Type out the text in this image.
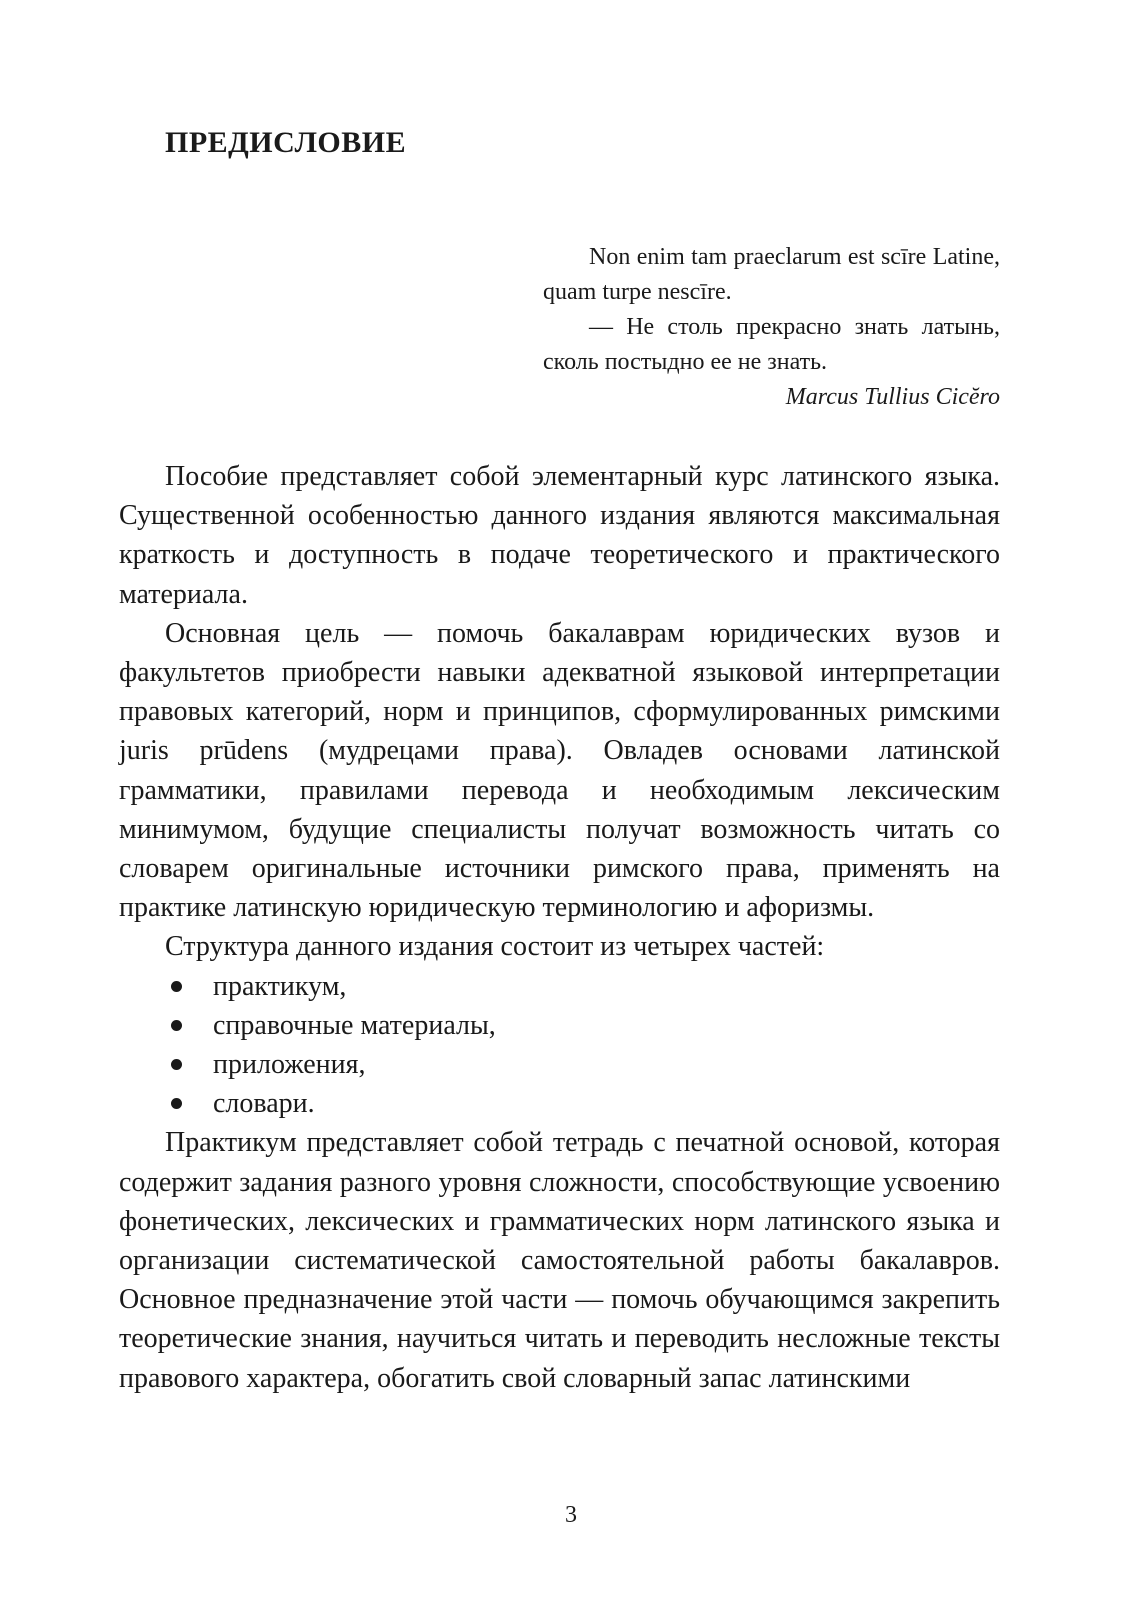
ПРЕДИСЛОВИЕ

Non enim tam praeclarum est scīre Latine, quam turpe nescīre.

— Не столь прекрасно знать латынь, сколь постыдно ее не знать.

Marcus Tullius Cicĕro

Пособие представляет собой элементарный курс латинского языка. Существенной особенностью данного издания являются максимальная краткость и доступность в подаче теоретического и практического материала.

Основная цель — помочь бакалаврам юридических вузов и факультетов приобрести навыки адекватной языковой интерпретации правовых категорий, норм и принципов, сформулированных римскими juris prūdens (мудрецами права). Овладев основами латинской грамматики, правилами перевода и необходимым лексическим минимумом, будущие специалисты получат возможность читать со словарем оригинальные источники римского права, применять на практике латинскую юридическую терминологию и афоризмы.

Структура данного издания состоит из четырех частей:

практикум,
справочные материалы,
приложения,
словари.

Практикум представляет собой тетрадь с печатной основой, которая содержит задания разного уровня сложности, способствующие усвоению фонетических, лексических и грамматических норм латинского языка и организации систематической самостоятельной работы бакалавров. Основное предназначение этой части — помочь обучающимся закрепить теоретические знания, научиться читать и переводить несложные тексты правового характера, обогатить свой словарный запас латинскими

3
